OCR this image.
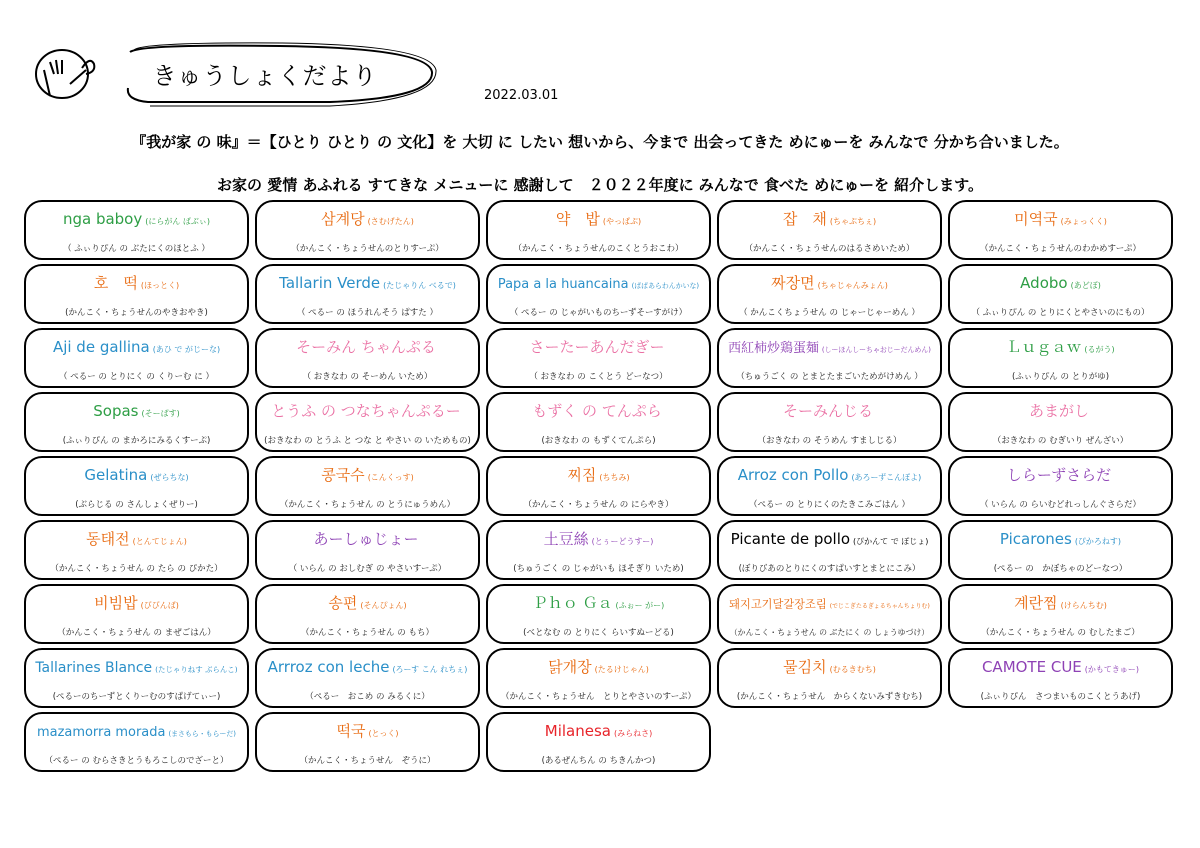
きゅうしょくだより
2022.03.01
『我が家 の 味』＝【ひとり ひとり の 文化】を 大切 に したい 想いから、今まで 出会ってきた めにゅーを みんなで 分かち合いました。
お家の 愛情 あふれる すてきな メニューに 感謝して　２０２２年度に みんなで 食べた めにゅーを 紹介します。
nga baboy (にらがん ばぶぃ)
（ ふぃりぴん の ぶたにくのほとふ ）
삼계당 (さむげたん)
（かんこく・ちょうせんのとりすーぷ）
약　밥 (やっぱぷ)
（かんこく・ちょうせんのこくとうおこわ）
잡　채 (ちゃぷちぇ)
（かんこく・ちょうせんのはるさめいため）
미역국 (みょっくく)
（かんこく・ちょうせんのわかめすーぷ）
호　떡 (ほっとく)
(かんこく・ちょうせんのやきおやき)
Tallarin Verde (たじゃりん べるで)
（ ぺるー の ほうれんそう ぱすた ）
Papa a la huancaina (ぱぱあらわんかいな)
（ ぺるー の じゃがいものちーずそーすがけ）
짜장면 (ちゃじゃんみょん)
（ かんこくちょうせん の じゃーじゃーめん ）
Adobo (あどぼ)
（ ふぃりぴん の とりにくとやさいのにもの）
Aji de gallina (あひ で がじーな)
（ ぺるー の とりにく の くりーむ に ）
そーみん ちゃんぷる
（ おきなわ の そーめん いため）
さーたーあんだぎー
（ おきなわ の こくとう どーなつ）
西紅柿炒鶏蛋麺 (しーほんしーちゃおじーだんめん)
（ちゅうごく の とまとたまごいためがけめん ）
Ｌｕｇａｗ (るがう)
(ふぃりぴん の とりがゆ)
Sopas (そーぱす)
(ふぃりぴん の まかろにみるくすーぷ)
とうふ の つなちゃんぷるー
(おきなわ の とうふ と つな と やさい の いためもの)
もずく の てんぷら
(おきなわ の もずくてんぷら)
そーみんじる
（おきなわ の そうめん すましじる）
あまがし
（おきなわ の むぎいり ぜんざい）
Gelatina (ぜらちな)
(ぶらじる の さんしょくぜりー)
콩국수 (こんくっす)
（かんこく・ちょうせん の とうにゅうめん）
찌짐 (ちちみ)
（かんこく・ちょうせん の にらやき）
Arroz con Pollo (あろーずこんぽよ)
（ぺるー の とりにくのたきこみごはん ）
しらーずさらだ
（ いらん の らいむどれっしんぐさらだ）
동태전 (とんてじょん)
（かんこく・ちょうせん の たら の ぴかた）
あーしゅじょー
（ いらん の おしむぎ の やさいすーぷ）
土豆絲 (とぅーどうすー)
(ちゅうごく の じゃがいも ほそぎり いため)
Picante de pollo (ぴかんて で ぽじょ)
(ぼりびあのとりにくのすぱいすとまとにこみ）
Picarones (ぴかろねす)
(ぺるー の　かぼちゃのどーなつ）
비빔밥 (びびんば)
（かんこく・ちょうせん の まぜごはん）
송편 (そんぴょん)
（かんこく・ちょうせん の もち）
Ｐｈｏ Ｇａ (ふぉー がー)
(べとなむ の とりにく らいすぬーどる)
돼지고기달갈장조림 (でじこぎたるぎょるちゃんちょりむ)
（かんこく・ちょうせん の ぶたにく の しょうゆづけ）
계란찜 (けらんちむ)
（かんこく・ちょうせん の むしたまご）
Tallarines Blance (たじゃりねす ぶらんこ)
(ぺるーのちーずとくりーむのすぱげてぃー)
Arrroz con leche (ろーす こん れちぇ)
（ぺるー　おこめ の みるくに）
닭개장 (たるけじゃん)
（かんこく・ちょうせん　とりとやさいのすーぷ）
물김치 (むるきむち)
(かんこく・ちょうせん　からくないみずきむち)
CAMOTE CUE (かもてきゅー)
(ふぃりぴん　さつまいものこくとうあげ)
mazamorra morada (まさもら・もらーだ)
（ぺるー の むらさきとうもろこしのでざーと）
떡국 (とっく)
（かんこく・ちょうせん　ぞうに）
Milanesa (みらねさ)
(あるぜんちん の ちきんかつ)
